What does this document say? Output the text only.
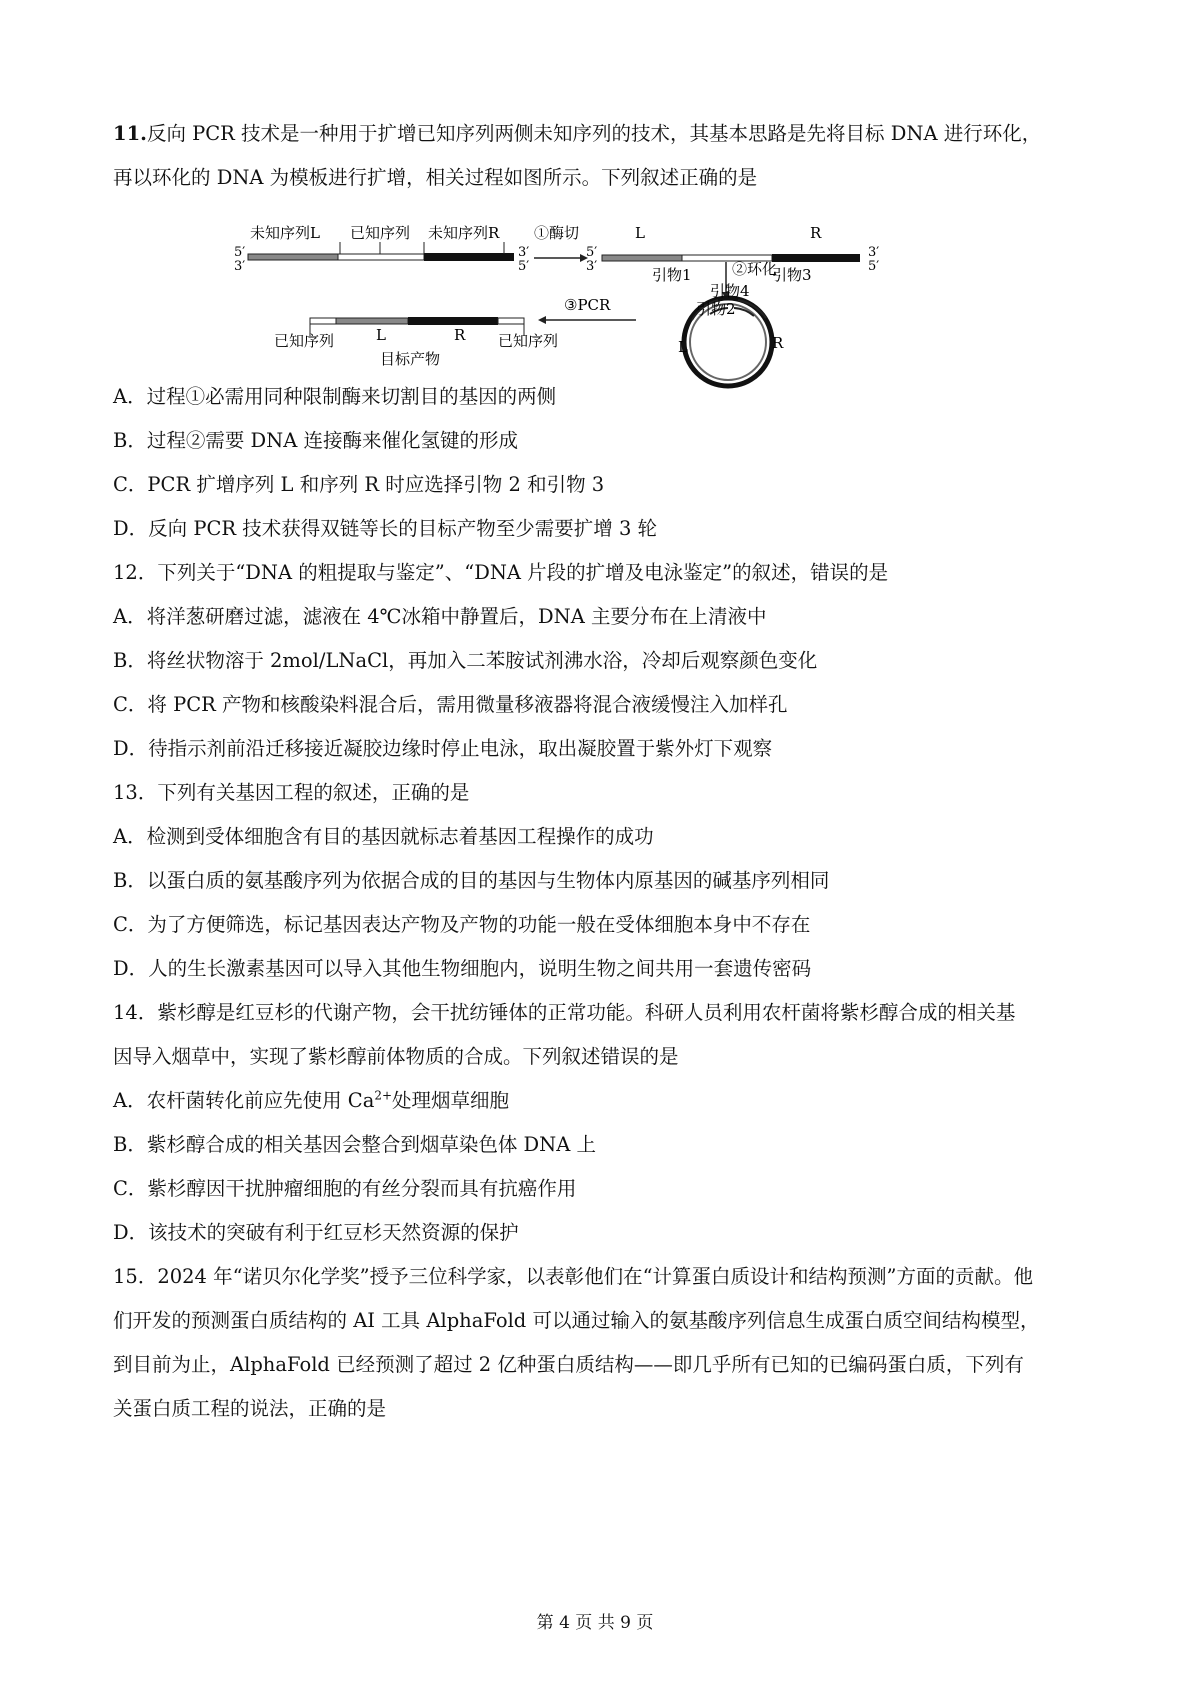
11.反向 PCR 技术是一种用于扩增已知序列两侧未知序列的技术，其基本思路是先将目标 DNA 进行环化，
再以环化的 DNA 为模板进行扩增，相关过程如图所示。下列叙述正确的是
未知序列L 已知序列 未知序列R
5′
3′
3′
5′
①酶切
5′
3′
L	R
3′
5′
②环化
引物1	引物3
引物4
引物2
L	R
③PCR
L	R
已知序列	已知序列
目标产物
A．过程①必需用同种限制酶来切割目的基因的两侧
B．过程②需要 DNA 连接酶来催化氢键的形成
C．PCR 扩增序列 L 和序列 R 时应选择引物 2 和引物 3
D．反向 PCR 技术获得双链等长的目标产物至少需要扩增 3 轮
12．下列关于“DNA 的粗提取与鉴定”、“DNA 片段的扩增及电泳鉴定”的叙述，错误的是
A．将洋葱研磨过滤，滤液在 4℃冰箱中静置后，DNA 主要分布在上清液中
B．将丝状物溶于 2mol/LNaCl，再加入二苯胺试剂沸水浴，冷却后观察颜色变化
C．将 PCR 产物和核酸染料混合后，需用微量移液器将混合液缓慢注入加样孔
D．待指示剂前沿迁移接近凝胶边缘时停止电泳，取出凝胶置于紫外灯下观察
13．下列有关基因工程的叙述，正确的是
A．检测到受体细胞含有目的基因就标志着基因工程操作的成功
B．以蛋白质的氨基酸序列为依据合成的目的基因与生物体内原基因的碱基序列相同
C．为了方便筛选，标记基因表达产物及产物的功能一般在受体细胞本身中不存在
D．人的生长激素基因可以导入其他生物细胞内，说明生物之间共用一套遗传密码
14．紫杉醇是红豆杉的代谢产物，会干扰纺锤体的正常功能。科研人员利用农杆菌将紫杉醇合成的相关基
因导入烟草中，实现了紫杉醇前体物质的合成。下列叙述错误的是
A．农杆菌转化前应先使用 $Ca^{2+}$处理烟草细胞
B．紫杉醇合成的相关基因会整合到烟草染色体 DNA 上
C．紫杉醇因干扰肿瘤细胞的有丝分裂而具有抗癌作用
D．该技术的突破有利于红豆杉天然资源的保护
15．2024 年“诺贝尔化学奖”授予三位科学家，以表彰他们在“计算蛋白质设计和结构预测”方面的贡献。他
们开发的预测蛋白质结构的 AI 工具 AlphaFold 可以通过输入的氨基酸序列信息生成蛋白质空间结构模型，
到目前为止，AlphaFold 已经预测了超过 2 亿种蛋白质结构——即几乎所有已知的已编码蛋白质，下列有
关蛋白质工程的说法，正确的是
第 4 页 共 9 页
